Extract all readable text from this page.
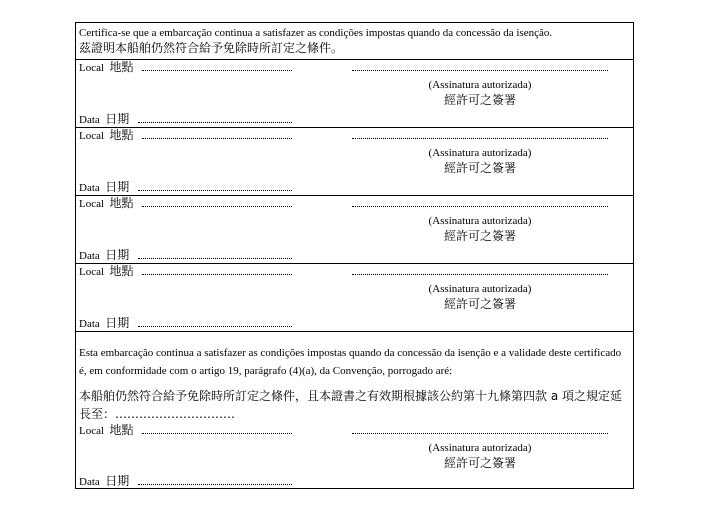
Certifica-se que a embarcação continua a satisfazer as condições impostas quando da concessão da isenção.
茲證明本船舶仍然符合給予免除時所訂定之條件。
Local 地點
(Assinatura autorizada)
經許可之簽署
Data 日期
Local 地點
(Assinatura autorizada)
經許可之簽署
Data 日期
Local 地點
(Assinatura autorizada)
經許可之簽署
Data 日期
Local 地點
(Assinatura autorizada)
經許可之簽署
Data 日期
Esta embarcação continua a satisfazer as condições impostas quando da concessão da isenção e a validade deste certificado é, em conformidade com o artigo 19, parágrafo (4)(a), da Convenção, porrogado aré:
本船舶仍然符合給予免除時所訂定之條件，且本證書之有效期根據該公約第十九條第四款 a 項之規定延長至：…………………………
Local 地點
(Assinatura autorizada)
經許可之簽署
Data 日期
